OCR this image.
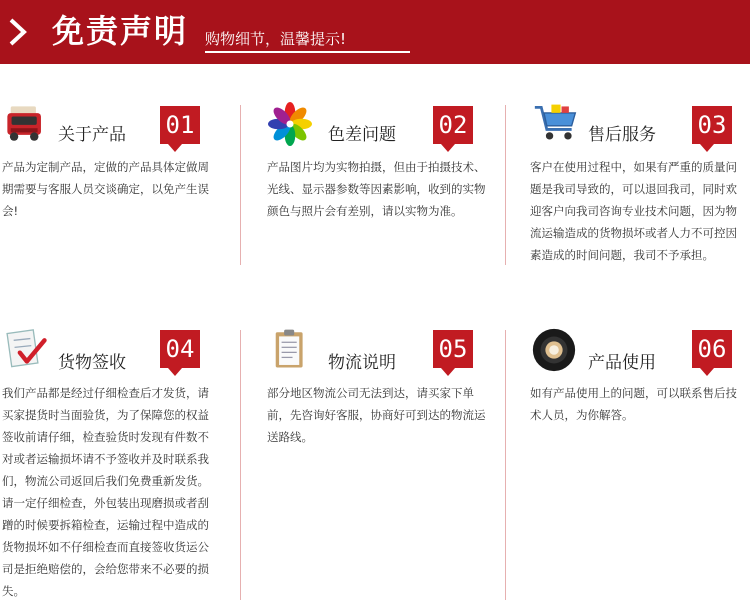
免责声明 购物细节，温馨提示!
关于产品 01
产品为定制产品，定做的产品具体定做周期需要与客服人员交谈确定，以免产生误会!
色差问题 02
产品图片均为实物拍摄，但由于拍摄技术、光线、显示器参数等因素影响，收到的实物颜色与照片会有差别，请以实物为准。
售后服务 03
客户在使用过程中，如果有严重的质量问题是我司导致的，可以退回我司，同时欢迎客户向我司咨询专业技术问题，因为物流运输造成的货物损坏或者人力不可控因素造成的时间问题，我司不予承担。
货物签收 04
我们产品都是经过仔细检查后才发货，请买家提货时当面验货，为了保障您的权益签收前请仔细，检查验货时发现有件数不对或者运输损坏请不予签收并及时联系我们，物流公司返回后我们免费重新发货。请一定仔细检查，外包装出现磨损或者刮蹭的时候要拆箱检查，运输过程中造成的货物损坏如不仔细检查而直接签收货运公司是拒绝赔偿的，会给您带来不必要的损失。
物流说明 05
部分地区物流公司无法到达，请买家下单前，先咨询好客服，协商好可到达的物流运送路线。
产品使用 06
如有产品使用上的问题，可以联系售后技术人员，为你解答。
